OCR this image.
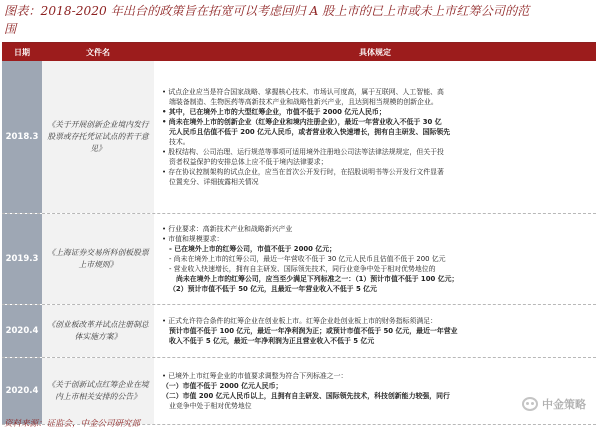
图表：2018-2020 年出台的政策旨在拓宽可以考虑回归 A 股上市的已上市或未上市红筹公司的范
围
日期	文件名	具体规定
2018.3
《关于开展创新企业境内发行股票或存托凭证试点的若干意见》
• 试点企业应当是符合国家战略、掌握核心技术、市场认可度高，属于互联网、人工智能、高
端装备制造、生物医药等高新技术产业和战略性新兴产业，且达到相当规模的创新企业。
• 其中，已在境外上市的大型红筹企业，市值不低于 2000 亿元人民币；
• 尚未在境外上市的创新企业（红筹企业和境内注册企业），最近一年营业收入不低于 30 亿
元人民币且估值不低于 200 亿元人民币，或者营业收入快速增长，拥有自主研发、国际领先
技术。
• 股权结构、公司治理、运行规范等事项可适用境外注册地公司法等法律法规规定，但关于投
资者权益保护的安排总体上应不低于境内法律要求；
• 存在协议控制架构的试点企业，应当在首次公开发行时，在招股说明书等公开发行文件显著
位置充分、详细披露相关情况
2019.3
《上海证券交易所科创板股票上市规则》
• 行业要求：高新技术产业和战略新兴产业
• 市值和规模要求：
- 已在境外上市的红筹公司，市值不低于 2000 亿元；
- 尚未在境外上市的红筹公司，最近一年营收不低于 30 亿元人民币且估值不低于 200 亿元
- 营业收入快速增长，拥有自主研发、国际领先技术，同行业竞争中处于相对优势地位的
尚未在境外上市的红筹公司，应当至少满足下列标准之一：（1）预计市值不低于 100 亿元；
（2）预计市值不低于 50 亿元，且最近一年营业收入不低于 5 亿元
2020.4
《创业板改革并试点注册制总体实施方案》
• 正式允许符合条件的红筹企业在创业板上市。红筹企业赴创业板上市的财务指标须满足：
预计市值不低于 100 亿元，最近一年净利润为正；或预计市值不低于 50 亿元，最近一年营业
收入不低于 5 亿元，最近一年净利润为正且营业收入不低于 5 亿元
2020.4
《关于创新试点红筹企业在境内上市相关安排的公告》
• 已境外上市红筹企业的市值要求调整为符合下列标准之一：
（一）市值不低于 2000 亿元人民币；
（二）市值 200 亿元人民币以上，且拥有自主研发、国际领先技术，科技创新能力较强，同行
业竞争中处于相对优势地位
资料来源：证监会，中金公司研究部
中金策略
